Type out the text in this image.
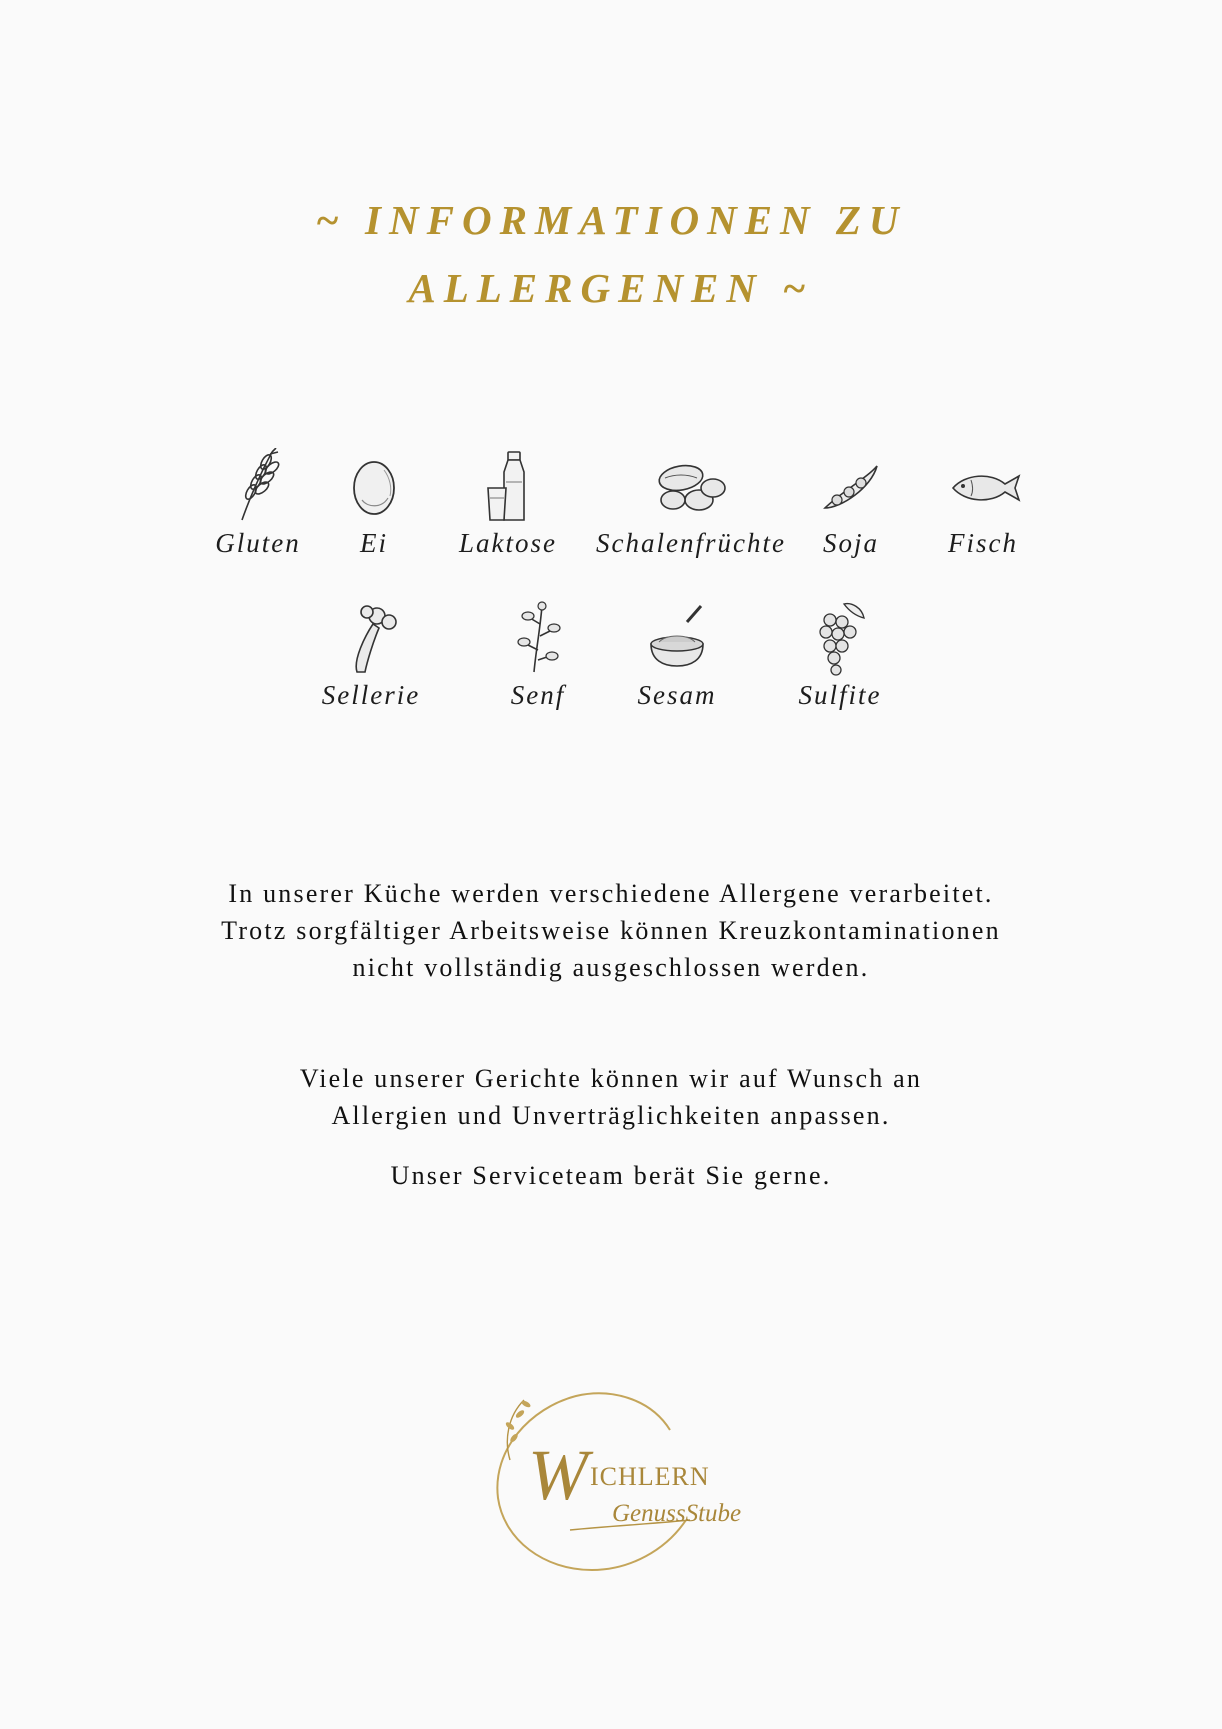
~ INFORMATIONEN ZU
ALLERGENEN ~
Gluten	Ei	Laktose	Schalenfrüchte	Soja	Fisch
Sellerie	Senf	Sesam	Sulfite
In unserer Küche werden verschiedene Allergene verarbeitet.
Trotz sorgfältiger Arbeitsweise können Kreuzkontaminationen
nicht vollständig ausgeschlossen werden.
Viele unserer Gerichte können wir auf Wunsch an
Allergien und Unverträglichkeiten anpassen.
Unser Serviceteam berät Sie gerne.
W ICHLERN
GenussStube
